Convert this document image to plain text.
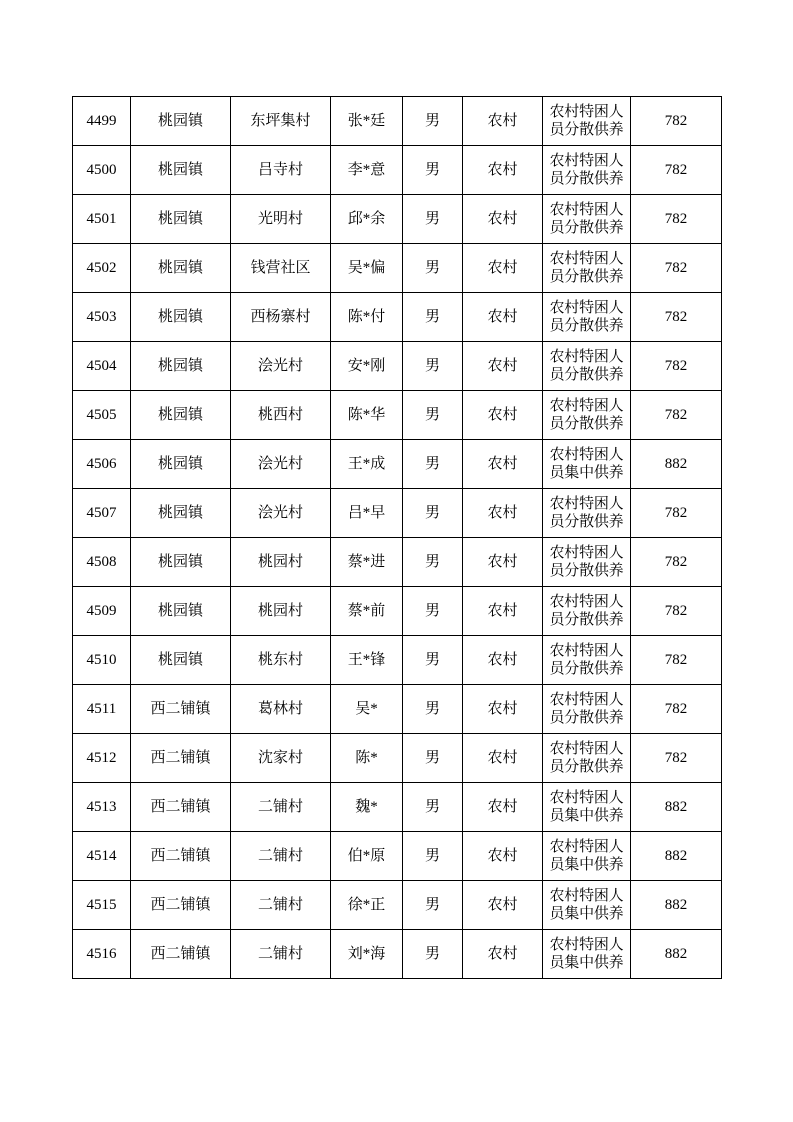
4499	桃园镇	东坪集村	张*廷	男	农村	农村特困人
员分散供养	782
4500	桃园镇	吕寺村	李*意	男	农村	农村特困人
员分散供养	782
4501	桃园镇	光明村	邱*余	男	农村	农村特困人
员分散供养	782
4502	桃园镇	钱营社区	吴*偏	男	农村	农村特困人
员分散供养	782
4503	桃园镇	西杨寨村	陈*付	男	农村	农村特困人
员分散供养	782
4504	桃园镇	浍光村	安*刚	男	农村	农村特困人
员分散供养	782
4505	桃园镇	桃西村	陈*华	男	农村	农村特困人
员分散供养	782
4506	桃园镇	浍光村	王*成	男	农村	农村特困人
员集中供养	882
4507	桃园镇	浍光村	吕*早	男	农村	农村特困人
员分散供养	782
4508	桃园镇	桃园村	蔡*进	男	农村	农村特困人
员分散供养	782
4509	桃园镇	桃园村	蔡*前	男	农村	农村特困人
员分散供养	782
4510	桃园镇	桃东村	王*锋	男	农村	农村特困人
员分散供养	782
4511	西二铺镇	葛林村	吴*	男	农村	农村特困人
员分散供养	782
4512	西二铺镇	沈家村	陈*	男	农村	农村特困人
员分散供养	782
4513	西二铺镇	二铺村	魏*	男	农村	农村特困人
员集中供养	882
4514	西二铺镇	二铺村	伯*原	男	农村	农村特困人
员集中供养	882
4515	西二铺镇	二铺村	徐*正	男	农村	农村特困人
员集中供养	882
4516	西二铺镇	二铺村	刘*海	男	农村	农村特困人
员集中供养	882
